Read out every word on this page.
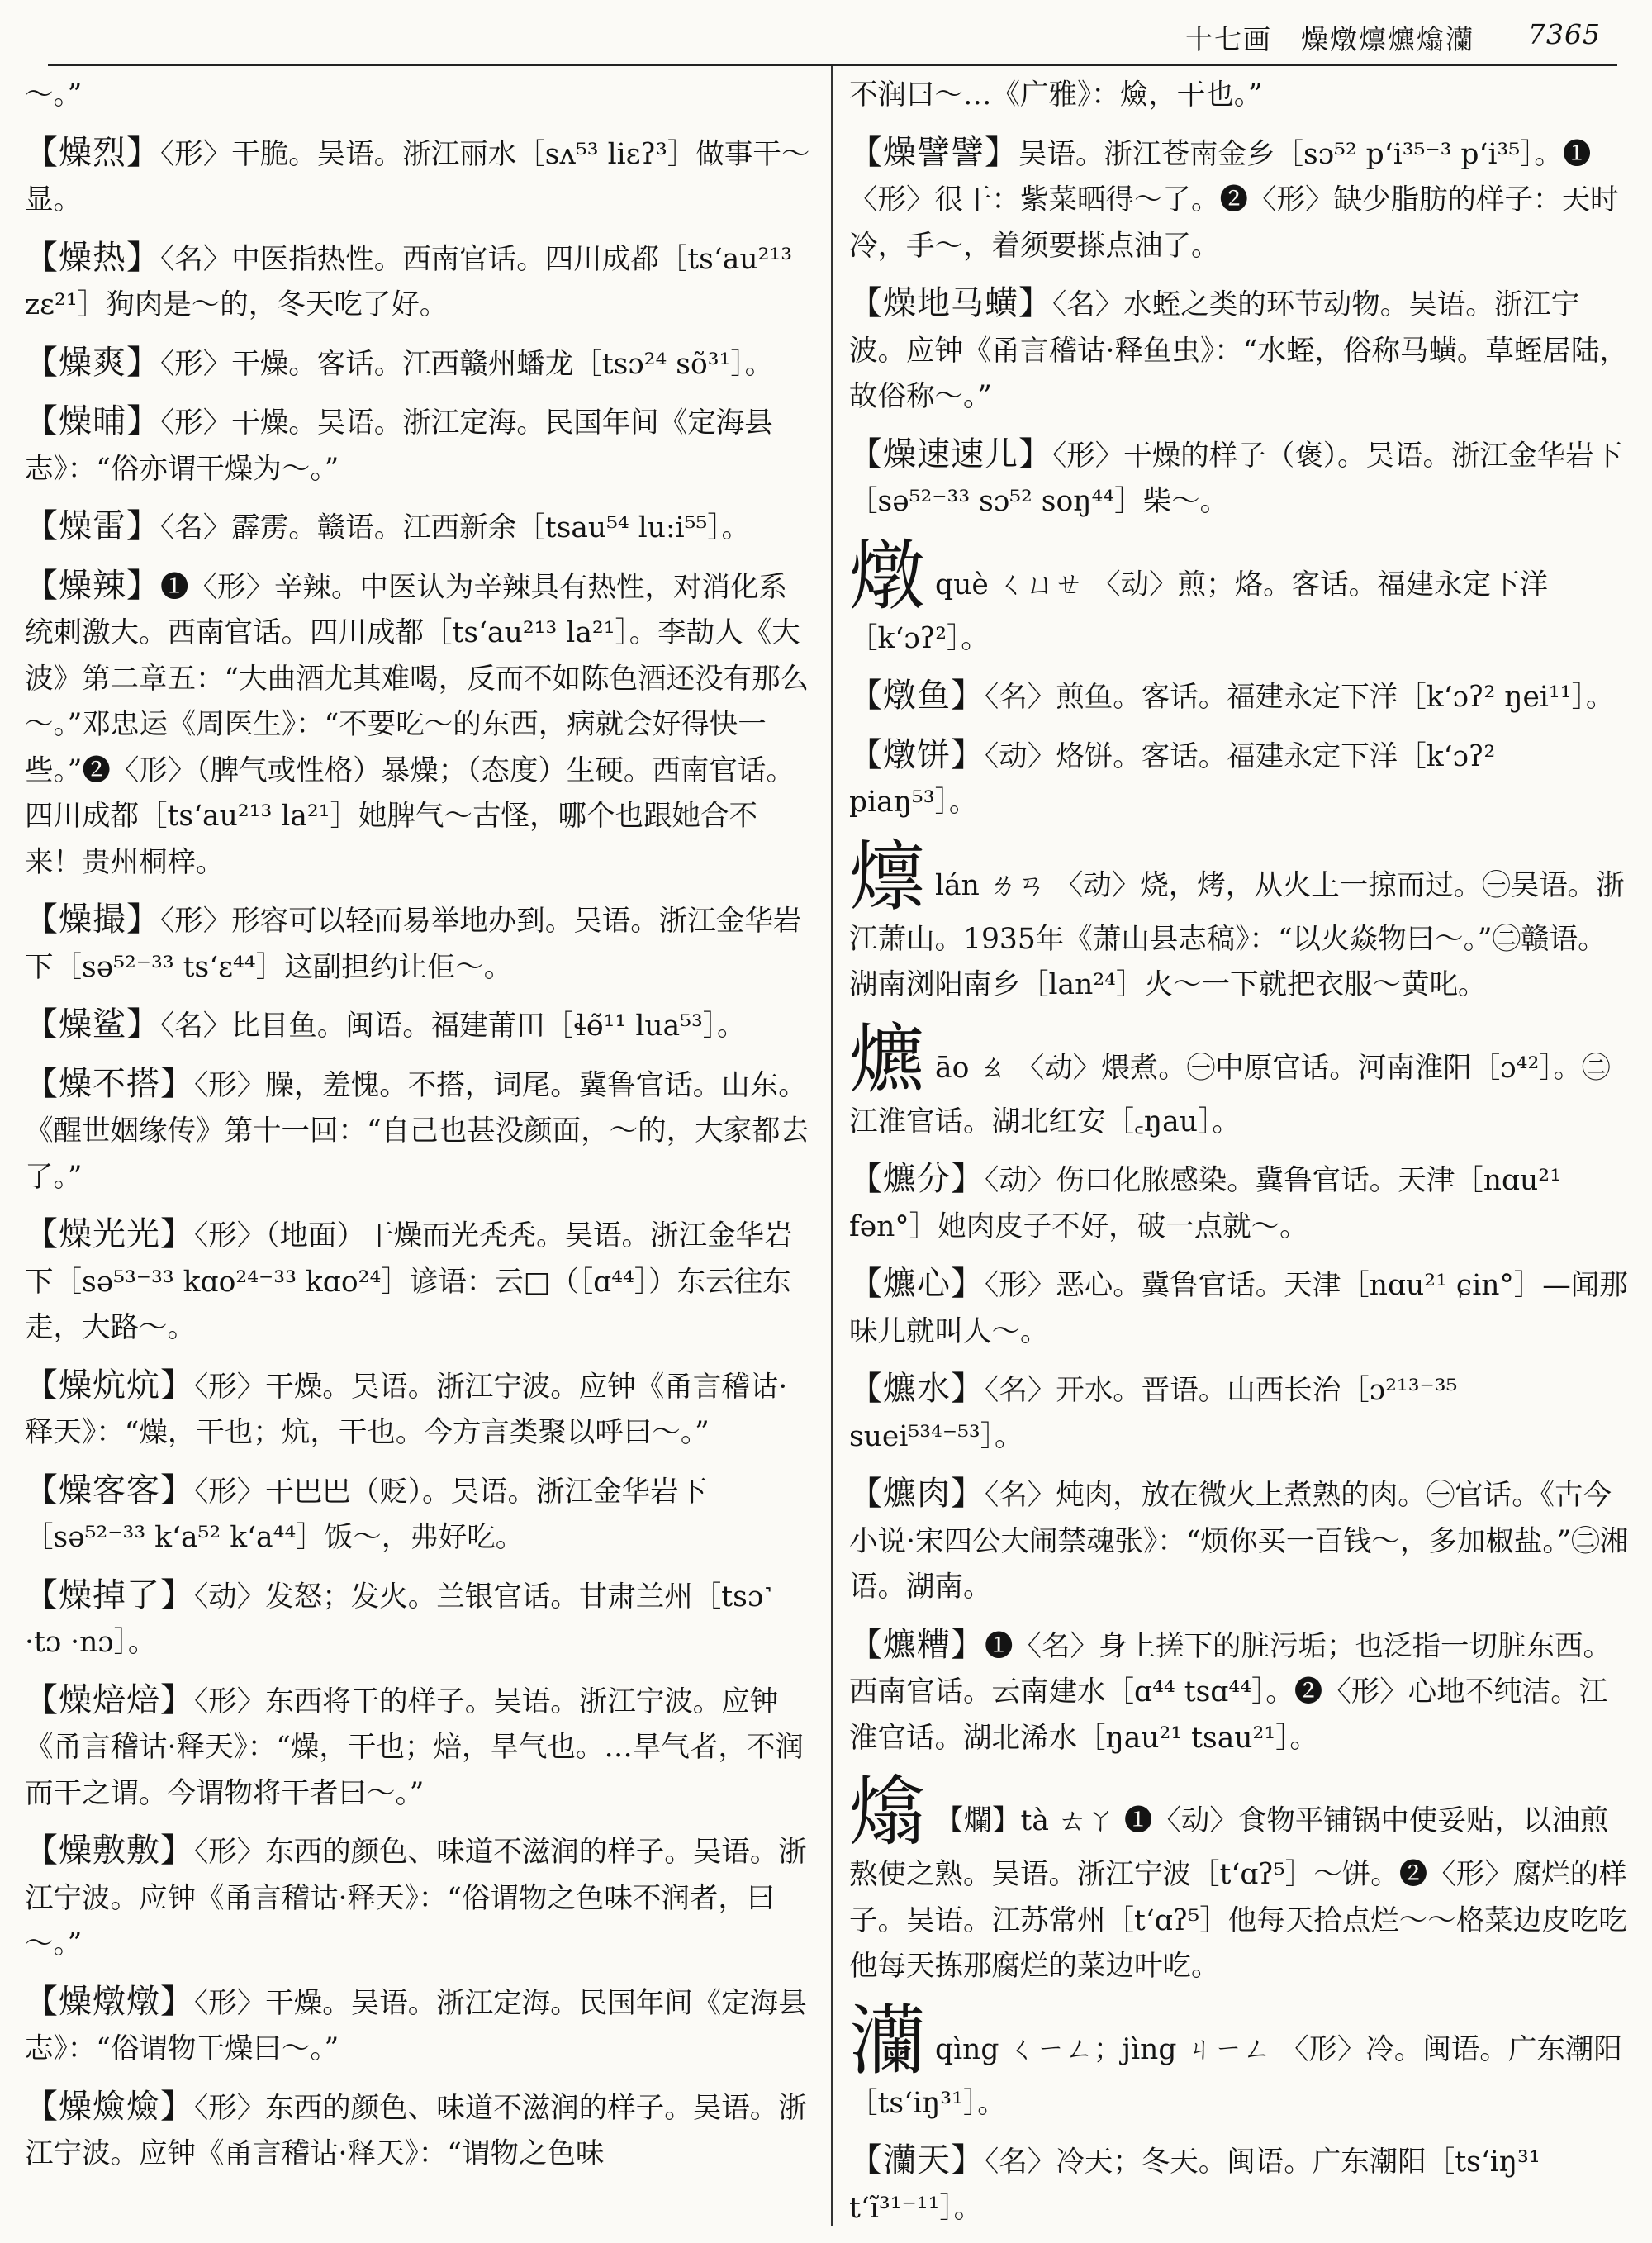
十七画　燥燉燷爊熻灡 7365
～。”
【燥烈】〈形〉干脆。吴语。浙江丽水［sʌ⁵³ liɛʔ³］做事干～显。
【燥热】〈名〉中医指热性。西南官话。四川成都［tsʻau²¹³ zɛ²¹］狗肉是～的，冬天吃了好。
【燥爽】〈形〉干燥。客话。江西赣州蟠龙［tsɔ²⁴ sõ³¹］。
【燥晡】〈形〉干燥。吴语。浙江定海。民国年间《定海县志》：“俗亦谓干燥为～。”
【燥雷】〈名〉霹雳。赣语。江西新余［tsau⁵⁴ lu:i⁵⁵］。
【燥辣】❶〈形〉辛辣。中医认为辛辣具有热性，对消化系统刺激大。西南官话。四川成都［tsʻau²¹³ la²¹］。李劼人《大波》第二章五：“大曲酒尤其难喝，反而不如陈色酒还没有那么～。”邓忠运《周医生》：“不要吃～的东西，病就会好得快一些。”❷〈形〉（脾气或性格）暴燥；（态度）生硬。西南官话。四川成都［tsʻau²¹³ la²¹］她脾气～古怪，哪个也跟她合不来！贵州桐梓。
【燥撮】〈形〉形容可以轻而易举地办到。吴语。浙江金华岩下［sə⁵²⁻³³ tsʻɛ⁴⁴］这副担约让佢～。
【燥鲨】〈名〉比目鱼。闽语。福建莆田［ɬɵ̃¹¹ lua⁵³］。
【燥不搭】〈形〉臊，羞愧。不搭，词尾。冀鲁官话。山东。《醒世姻缘传》第十一回：“自己也甚没颜面，～的，大家都去了。”
【燥光光】〈形〉（地面）干燥而光秃秃。吴语。浙江金华岩下［sə⁵³⁻³³ kɑo²⁴⁻³³ kɑo²⁴］谚语：云□（［ɑ⁴⁴］）东云往东走，大路～。
【燥炕炕】〈形〉干燥。吴语。浙江宁波。应钟《甬言稽诂·释天》：“燥，干也；炕，干也。今方言类聚以呼曰～。”
【燥客客】〈形〉干巴巴（贬）。吴语。浙江金华岩下［sə⁵²⁻³³ kʻa⁵² kʻa⁴⁴］饭～，弗好吃。
【燥掉了】〈动〉发怒；发火。兰银官话。甘肃兰州［tsɔ˺ ·tɔ ·nɔ］。
【燥焙焙】〈形〉东西将干的样子。吴语。浙江宁波。应钟《甬言稽诂·释天》：“燥，干也；焙，旱气也。…旱气者，不润而干之谓。今谓物将干者曰～。”
【燥敷敷】〈形〉东西的颜色、味道不滋润的样子。吴语。浙江宁波。应钟《甬言稽诂·释天》：“俗谓物之色味不润者，曰～。”
【燥燉燉】〈形〉干燥。吴语。浙江定海。民国年间《定海县志》：“俗谓物干燥曰～。”
【燥㷿㷿】〈形〉东西的颜色、味道不滋润的样子。吴语。浙江宁波。应钟《甬言稽诂·释天》：“谓物之色味
不润曰～…《广雅》：㷿，干也。”
【燥譬譬】吴语。浙江苍南金乡［sɔ⁵² pʻi³⁵⁻³ pʻi³⁵］。❶〈形〉很干：紫菜晒得～了。❷〈形〉缺少脂肪的样子：天时冷，手～，着须要搽点油了。
【燥地马蟥】〈名〉水蛭之类的环节动物。吴语。浙江宁波。应钟《甬言稽诂·释鱼虫》：“水蛭，俗称马蟥。草蛭居陆，故俗称～。”
【燥速速儿】〈形〉干燥的样子（褒）。吴语。浙江金华岩下［sə⁵²⁻³³ sɔ⁵² soŋ⁴⁴］柴～。
燉què ㄑㄩㄝ 〈动〉煎；烙。客话。福建永定下洋［kʻɔʔ²］。
【燉鱼】〈名〉煎鱼。客话。福建永定下洋［kʻɔʔ² ŋei¹¹］。
【燉饼】〈动〉烙饼。客话。福建永定下洋［kʻɔʔ² piaŋ⁵³］。
燷lán ㄌㄢ 〈动〉烧，烤，从火上一掠而过。㊀吴语。浙江萧山。1935年《萧山县志稿》：“以火焱物曰～。”㊁赣语。湖南浏阳南乡［lan²⁴］火～一下就把衣服～黄叱。
爊āo ㄠ 〈动〉煨煮。㊀中原官话。河南淮阳［ɔ⁴²］。㊁江淮官话。湖北红安［꜀ŋau］。
【爊分】〈动〉伤口化脓感染。冀鲁官话。天津［nɑu²¹ fən°］她肉皮子不好，破一点就～。
【爊心】〈形〉恶心。冀鲁官话。天津［nɑu²¹ ɕin°］—闻那味儿就叫人～。
【爊水】〈名〉开水。晋语。山西长治［ɔ²¹³⁻³⁵ suei⁵³⁴⁻⁵³］。
【爊肉】〈名〉炖肉，放在微火上煮熟的肉。㊀官话。《古今小说·宋四公大闹禁魂张》：“烦你买一百钱～，多加椒盐。”㊁湘语。湖南。
【爊糟】❶〈名〉身上搓下的脏污垢；也泛指一切脏东西。西南官话。云南建水［ɑ⁴⁴ tsɑ⁴⁴］。❷〈形〉心地不纯洁。江淮官话。湖北浠水［ŋau²¹ tsau²¹］。
熻 【爛】tà ㄊㄚ ❶〈动〉食物平铺锅中使妥贴，以油煎熬使之熟。吴语。浙江宁波［tʻɑʔ⁵］～饼。❷〈形〉腐烂的样子。吴语。江苏常州［tʻɑʔ⁵］他每天拾点烂～～格菜边皮吃吃他每天拣那腐烂的菜边叶吃。
灡qìng ㄑㄧㄥ；jìng ㄐㄧㄥ 〈形〉冷。闽语。广东潮阳［tsʻiŋ³¹］。
【灡天】〈名〉冷天；冬天。闽语。广东潮阳［tsʻiŋ³¹ tʻĩ³¹⁻¹¹］。
